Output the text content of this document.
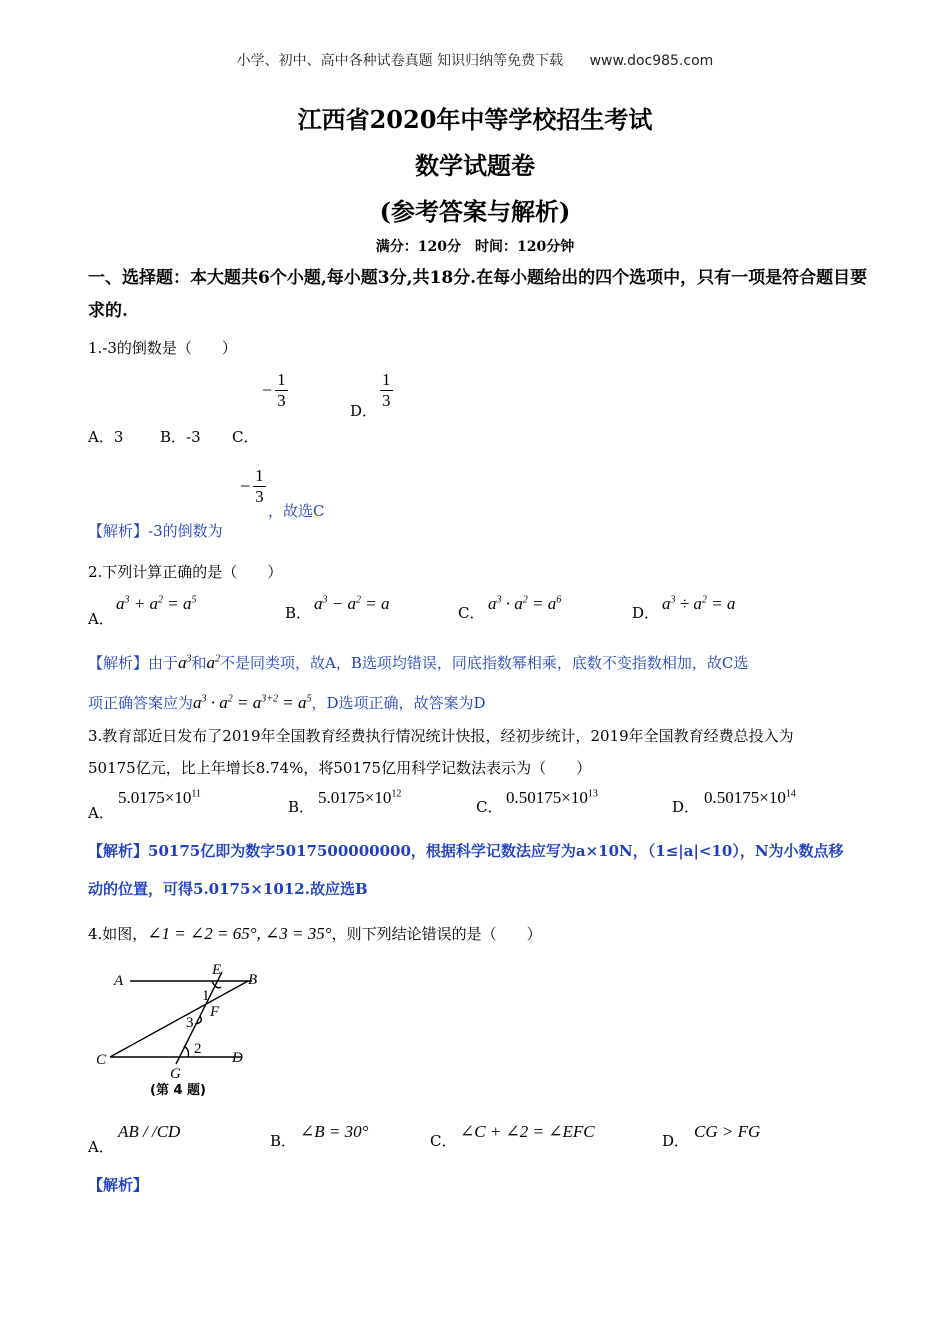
小学、初中、高中各种试卷真题 知识归纳等免费下载 www.doc985.com
江西省2020年中等学校招生考试
数学试题卷
(参考答案与解析)
满分：120分　时间：120分钟
一、选择题：本大题共6个小题,每小题3分,共18分.在每小题给出的四个选项中，只有一项是符合题目要求的.
1.-3的倒数是（　　）
− $\frac{1}{3}$	D． $\frac{1}{3}$
A．3 B．-3 C．
− $\frac{1}{3}$
，故选C
【解析】-3的倒数为
2.下列计算正确的是（　　）
A．
$a^3 + a^2 = a^5$
B． $a^3 - a^2 = a$	C． $a^3 \cdot a^2 = a^6$
D． $a^3 \div a^2 = a$
【解析】由于$a^3$和$a^2$不是同类项，故A，B选项均错误，同底指数幂相乘，底数不变指数相加，故C选
项正确答案应为$a^3 \cdot a^2 = a^{3+2} = a^5$，D选项正确，故答案为D
3.教育部近日发布了2019年全国教育经费执行情况统计快报，经初步统计，2019年全国教育经费总投入为
50175亿元，比上年增长8.74%，将50175亿用科学记数法表示为（　　）
A．
$5.0175\times 10^{11}$
B． $5.0175\times 10^{12}$
C． $0.50175\times 10^{13}$
D． $0.50175\times 10^{14}$
【解析】50175亿即为数字5017500000000，根据科学记数法应写为a×10N，（1≤|a|<10），N为小数点移
动的位置，可得5.0175×1012.故应选B
4.如图，∠1 = ∠2 = 65°, ∠3 = 35°，则下列结论错误的是（　　）
A
E
B
1
F
3
2
C	D
G
(第 4 题)
A．
AB / /CD	B． ∠B = 30°	C． ∠C + ∠2 = ∠EFC	D． CG > FG
【解析】
